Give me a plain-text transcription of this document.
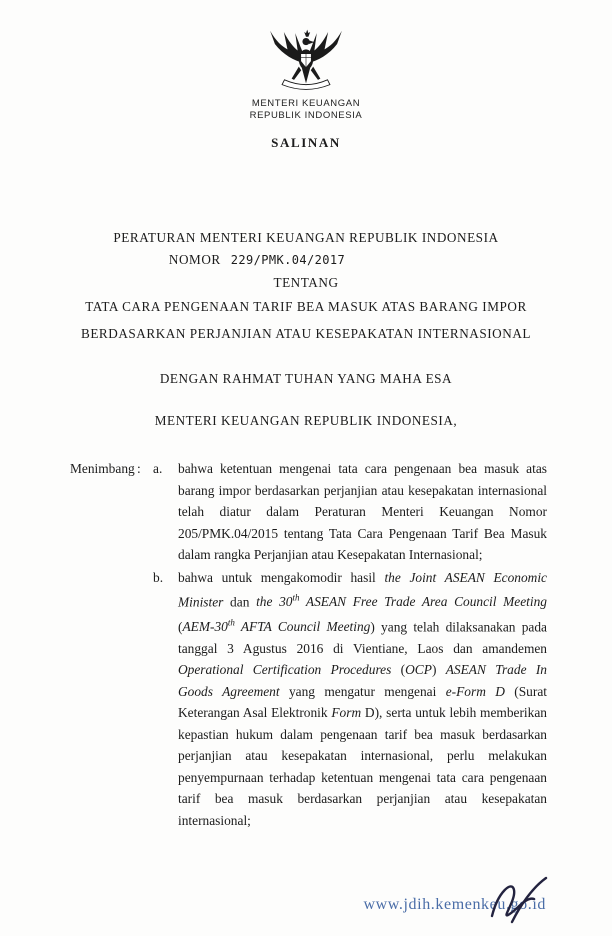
MENTERI KEUANGAN
REPUBLIK INDONESIA
SALINAN
PERATURAN MENTERI KEUANGAN REPUBLIK INDONESIA
NOMOR 229/PMK.04/2017
TENTANG
TATA CARA PENGENAAN TARIF BEA MASUK ATAS BARANG IMPOR
BERDASARKAN PERJANJIAN ATAU KESEPAKATAN INTERNASIONAL
DENGAN RAHMAT TUHAN YANG MAHA ESA
MENTERI KEUANGAN REPUBLIK INDONESIA,
Menimbang : a.	bahwa ketentuan mengenai tata cara pengenaan bea masuk atas barang impor berdasarkan perjanjian atau kesepakatan internasional telah diatur dalam Peraturan Menteri Keuangan Nomor 205/PMK.04/2015 tentang Tata Cara Pengenaan Tarif Bea Masuk dalam rangka Perjanjian atau Kesepakatan Internasional;
b.	bahwa untuk mengakomodir hasil the Joint ASEAN Economic Minister dan the 30th ASEAN Free Trade Area Council Meeting (AEM-30th AFTA Council Meeting) yang telah dilaksanakan pada tanggal 3 Agustus 2016 di Vientiane, Laos dan amandemen Operational Certification Procedures (OCP) ASEAN Trade In Goods Agreement yang mengatur mengenai e-Form D (Surat Keterangan Asal Elektronik Form D), serta untuk lebih memberikan kepastian hukum dalam pengenaan tarif bea masuk berdasarkan perjanjian atau kesepakatan internasional, perlu melakukan penyempurnaan terhadap ketentuan mengenai tata cara pengenaan tarif bea masuk berdasarkan perjanjian atau kesepakatan internasional;
www.jdih.kemenkeu.go.id
